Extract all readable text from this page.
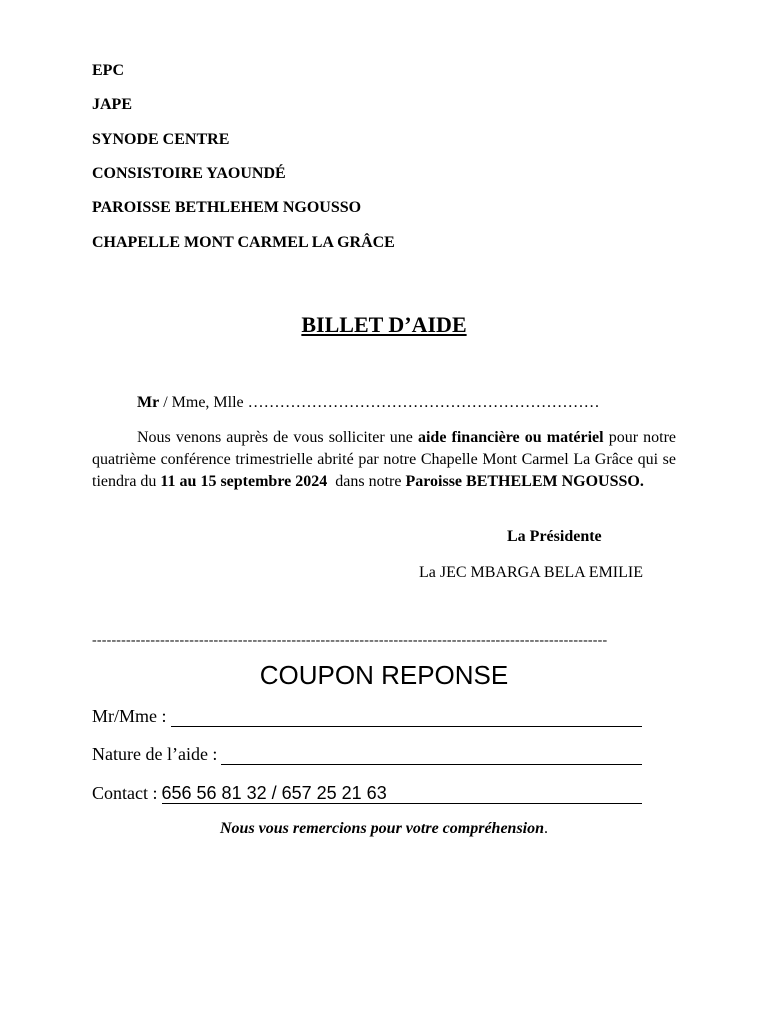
EPC
JAPE
SYNODE CENTRE
CONSISTOIRE YAOUNDÉ
PAROISSE BETHLEHEM NGOUSSO
CHAPELLE MONT CARMEL LA GRÂCE
BILLET D’AIDE
Mr / Mme, Mlle …………………………………………………………
Nous venons auprès de vous solliciter une aide financière ou matériel pour notre quatrième conférence trimestrielle abrité par notre Chapelle Mont Carmel La Grâce qui se tiendra du 11 au 15 septembre 2024  dans notre Paroisse BETHELEM NGOUSSO.
La Présidente
La JEC MBARGA BELA EMILIE
----------------------------------------------------------------------------------------------------------
COUPON REPONSE
Mr/Mme :
Nature de l’aide :
Contact : 656 56 81 32 / 657 25 21 63
Nous vous remercions pour votre compréhension.
